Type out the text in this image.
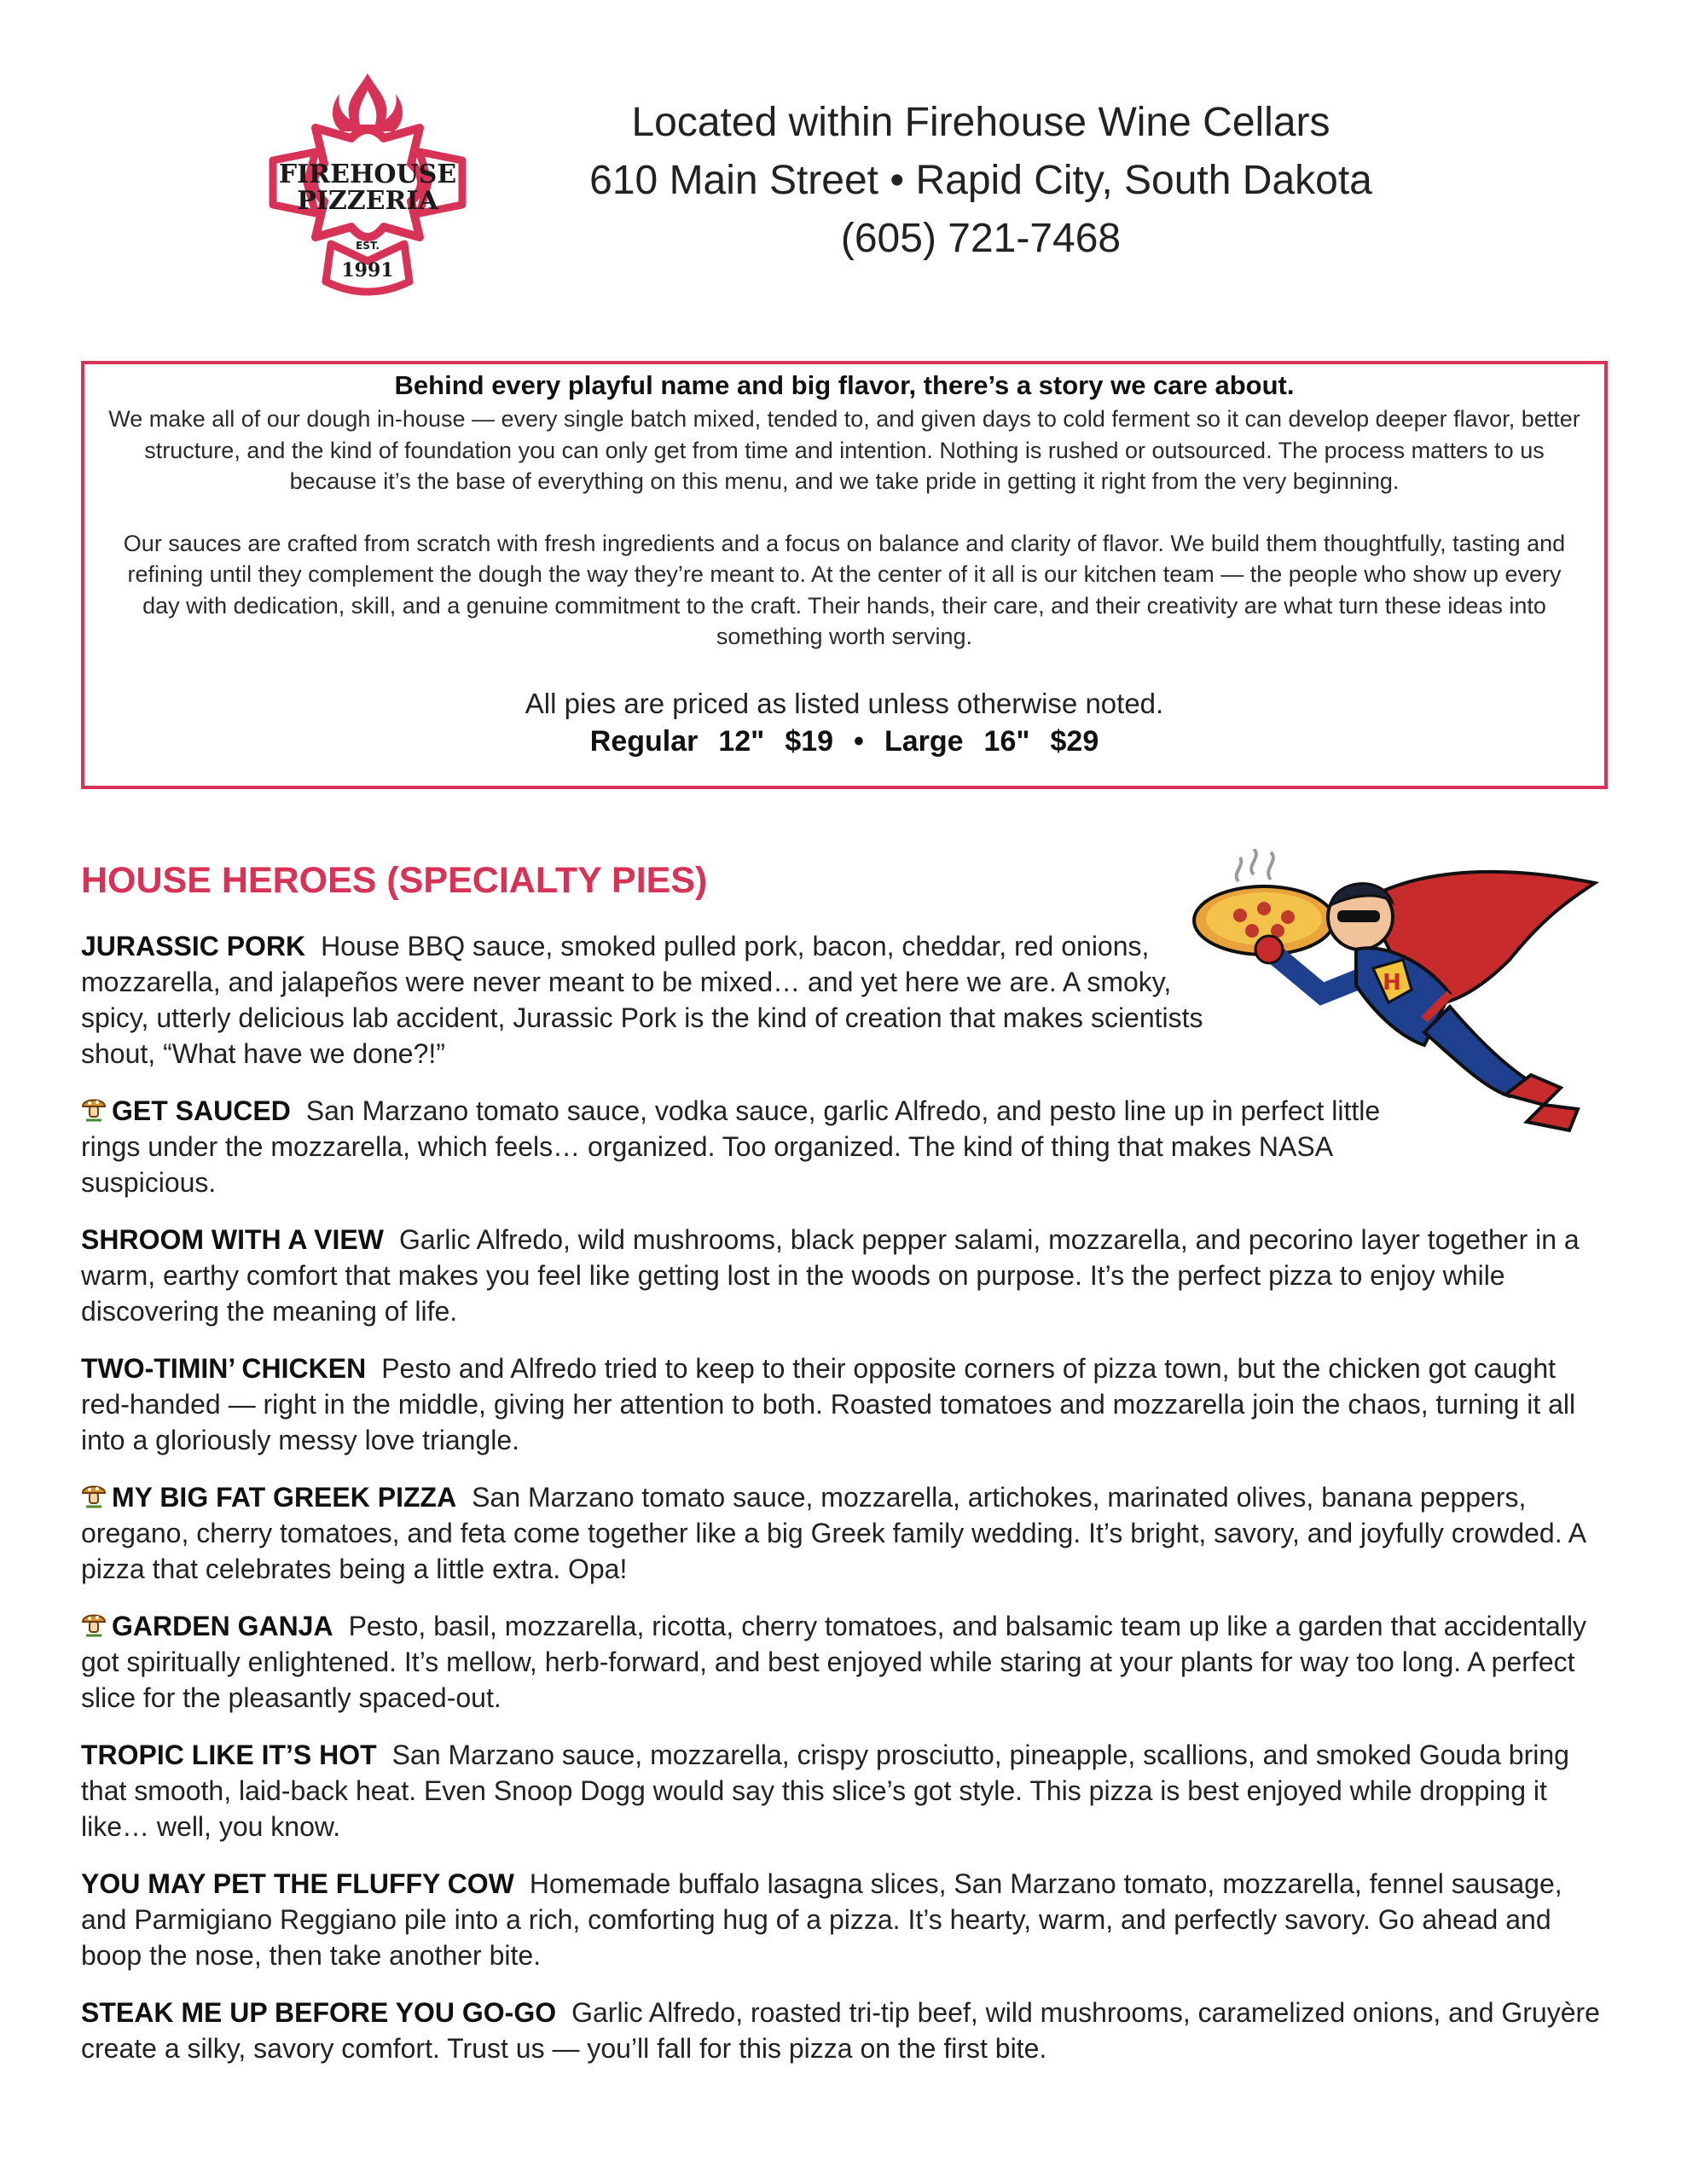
FIREHOUSE
PIZZERIA
EST.
1991
Located within Firehouse Wine Cellars
610 Main Street • Rapid City, South Dakota
(605) 721-7468
Behind every playful name and big flavor, there’s a story we care about.

We make all of our dough in-house — every single batch mixed, tended to, and given days to cold ferment so it can develop deeper flavor, better structure, and the kind of foundation you can only get from time and intention. Nothing is rushed or outsourced. The process matters to us because it’s the base of everything on this menu, and we take pride in getting it right from the very beginning.

Our sauces are crafted from scratch with fresh ingredients and a focus on balance and clarity of flavor. We build them thoughtfully, tasting and refining until they complement the dough the way they’re meant to. At the center of it all is our kitchen team — the people who show up every day with dedication, skill, and a genuine commitment to the craft. Their hands, their care, and their creativity are what turn these ideas into something worth serving.

All pies are priced as listed unless otherwise noted.
Regular 12" $19 • Large 16" $29
HOUSE HEROES (SPECIALTY PIES)
H

JURASSIC PORK House BBQ sauce, smoked pulled pork, bacon, cheddar, red onions, mozzarella, and jalapeños were never meant to be mixed… and yet here we are. A smoky, spicy, utterly delicious lab accident, Jurassic Pork is the kind of creation that makes scientists shout, “What have we done?!”

GET SAUCED San Marzano tomato sauce, vodka sauce, garlic Alfredo, and pesto line up in perfect little rings under the mozzarella, which feels… organized. Too organized. The kind of thing that makes NASA suspicious.

SHROOM WITH A VIEW Garlic Alfredo, wild mushrooms, black pepper salami, mozzarella, and pecorino layer together in a warm, earthy comfort that makes you feel like getting lost in the woods on purpose. It’s the perfect pizza to enjoy while discovering the meaning of life.

TWO-TIMIN’ CHICKEN Pesto and Alfredo tried to keep to their opposite corners of pizza town, but the chicken got caught red-handed — right in the middle, giving her attention to both. Roasted tomatoes and mozzarella join the chaos, turning it all into a gloriously messy love triangle.

MY BIG FAT GREEK PIZZA San Marzano tomato sauce, mozzarella, artichokes, marinated olives, banana peppers, oregano, cherry tomatoes, and feta come together like a big Greek family wedding. It’s bright, savory, and joyfully crowded. A pizza that celebrates being a little extra. Opa!

GARDEN GANJA Pesto, basil, mozzarella, ricotta, cherry tomatoes, and balsamic team up like a garden that accidentally got spiritually enlightened. It’s mellow, herb-forward, and best enjoyed while staring at your plants for way too long. A perfect slice for the pleasantly spaced-out.

TROPIC LIKE IT’S HOT San Marzano sauce, mozzarella, crispy prosciutto, pineapple, scallions, and smoked Gouda bring that smooth, laid-back heat. Even Snoop Dogg would say this slice’s got style. This pizza is best enjoyed while dropping it like… well, you know.

YOU MAY PET THE FLUFFY COW Homemade buffalo lasagna slices, San Marzano tomato, mozzarella, fennel sausage, and Parmigiano Reggiano pile into a rich, comforting hug of a pizza. It’s hearty, warm, and perfectly savory. Go ahead and boop the nose, then take another bite.

STEAK ME UP BEFORE YOU GO-GO Garlic Alfredo, roasted tri-tip beef, wild mushrooms, caramelized onions, and Gruyère create a silky, savory comfort. Trust us — you’ll fall for this pizza on the first bite.
